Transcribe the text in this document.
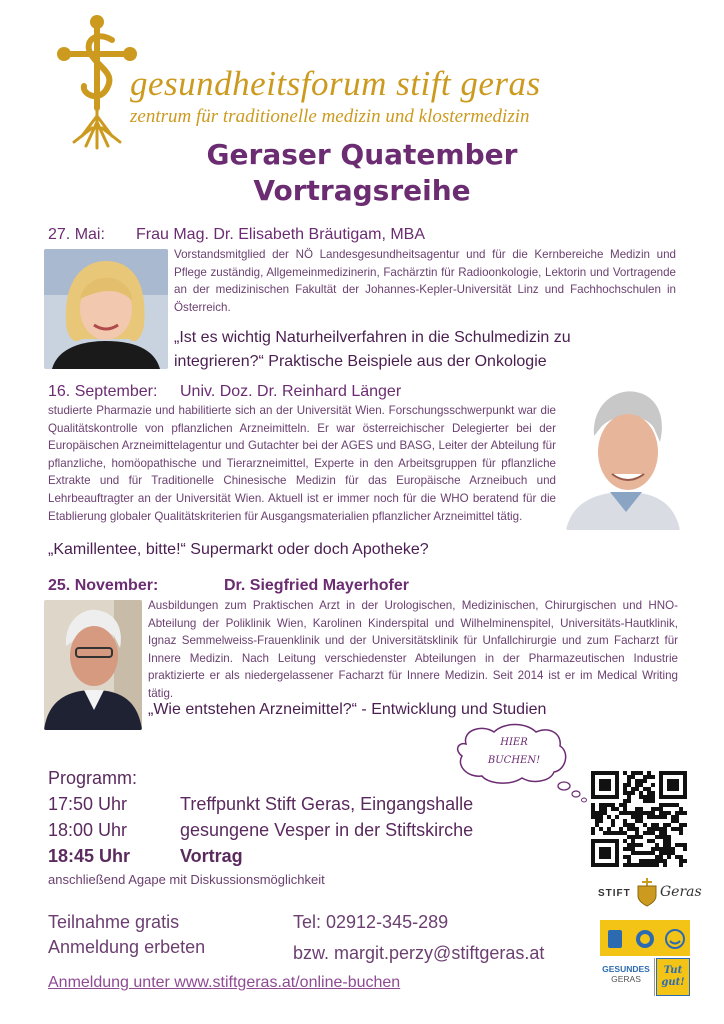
gesundheitsforum stift geras
zentrum für traditionelle medizin und klostermedizin
Geraser Quatember
Vortragsreihe
27. Mai: Frau Mag. Dr. Elisabeth Bräutigam, MBA
Vorstandsmitglied der NÖ Landesgesundheitsagentur und für die Kernbereiche Medizin und Pflege zuständig, Allgemeinmedizinerin, Fachärztin für Radioonkologie, Lektorin und Vortragende an der medizinischen Fakultät der Johannes-Kepler-Universität Linz und Fachhochschulen in Österreich.
„Ist es wichtig Naturheilverfahren in die Schulmedizin zu integrieren?“ Praktische Beispiele aus der Onkologie
16. September: Univ. Doz. Dr. Reinhard Länger
studierte Pharmazie und habilitierte sich an der Universität Wien. Forschungsschwerpunkt war die Qualitätskontrolle von pflanzlichen Arzneimitteln. Er war österreichischer Delegierter bei der Europäischen Arzneimittelagentur und Gutachter bei der AGES und BASG, Leiter der Abteilung für pflanzliche, homöopathische und Tierarzneimittel, Experte in den Arbeitsgruppen für pflanzliche Extrakte und für Traditionelle Chinesische Medizin für das Europäische Arzneibuch und Lehrbeauftragter an der Universität Wien. Aktuell ist er immer noch für die WHO beratend für die Etablierung globaler Qualitätskriterien für Ausgangsmaterialien pflanzlicher Arzneimittel tätig.
„Kamillentee, bitte!“ Supermarkt oder doch Apotheke?
25. November:	Dr. Siegfried Mayerhofer
Ausbildungen zum Praktischen Arzt in der Urologischen, Medizinischen, Chirurgischen und HNO-Abteilung der Poliklinik Wien, Karolinen Kinderspital und Wilhelminenspitel, Universitäts-Hautklinik, Ignaz Semmelweiss-Frauenklinik und der Universitätsklinik für Unfallchirurgie und zum Facharzt für Innere Medizin. Nach Leitung verschiedenster Abteilungen in der Pharmazeutischen Industrie praktizierte er als niedergelassener Facharzt für Innere Medizin. Seit 2014 ist er im Medical Writing tätig.
„Wie entstehen Arzneimittel?“ - Entwicklung und Studien
HIER
BUCHEN!
Programm:
17:50 Uhr	Treffpunkt Stift Geras, Eingangshalle
18:00 Uhr	gesungene Vesper in der Stiftskirche
18:45 Uhr	Vortrag
anschließend Agape mit Diskussionsmöglichkeit
STIFT Geras
GESUNDES
GERAS
Tut gut!
Teilnahme gratis
Anmeldung erbeten
Tel: 02912-345-289
bzw. margit.perzy@stiftgeras.at
Anmeldung unter www.stiftgeras.at/online-buchen
